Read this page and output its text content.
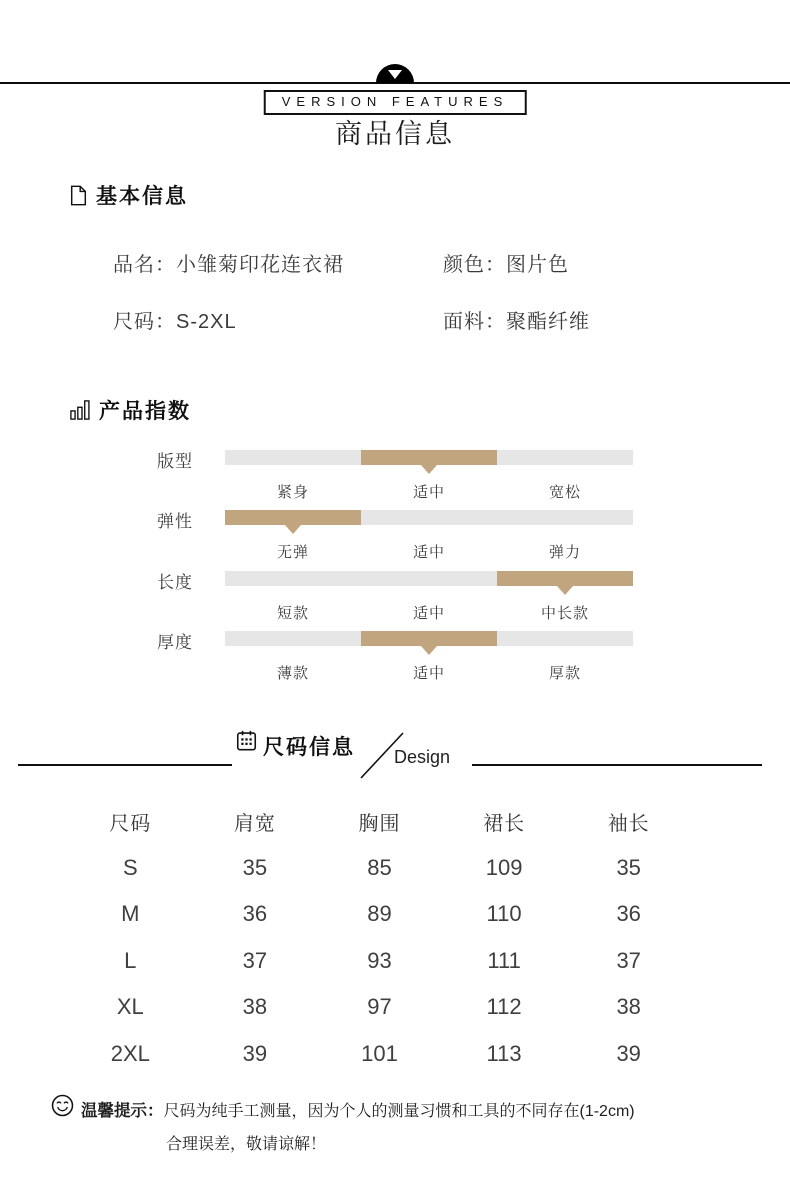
VERSION FEATURES
商品信息
基本信息
品名：小雏菊印花连衣裙	颜色：图片色
尺码：S-2XL	面料：聚酯纤维
产品指数
版型
紧身	适中	宽松
弹性
无弹	适中	弹力
长度
短款	适中	中长款
厚度
薄款	适中	厚款
尺码信息 Design
尺码	肩宽	胸围	裙长	袖长
S	35	85	109	35
M	36	89	110	36
L	37	93	111	37
XL	38	97	112	38
2XL	39	101	113	39
温馨提示：尺码为纯手工测量，因为个人的测量习惯和工具的不同存在(1-2cm)
合理误差，敬请谅解！
